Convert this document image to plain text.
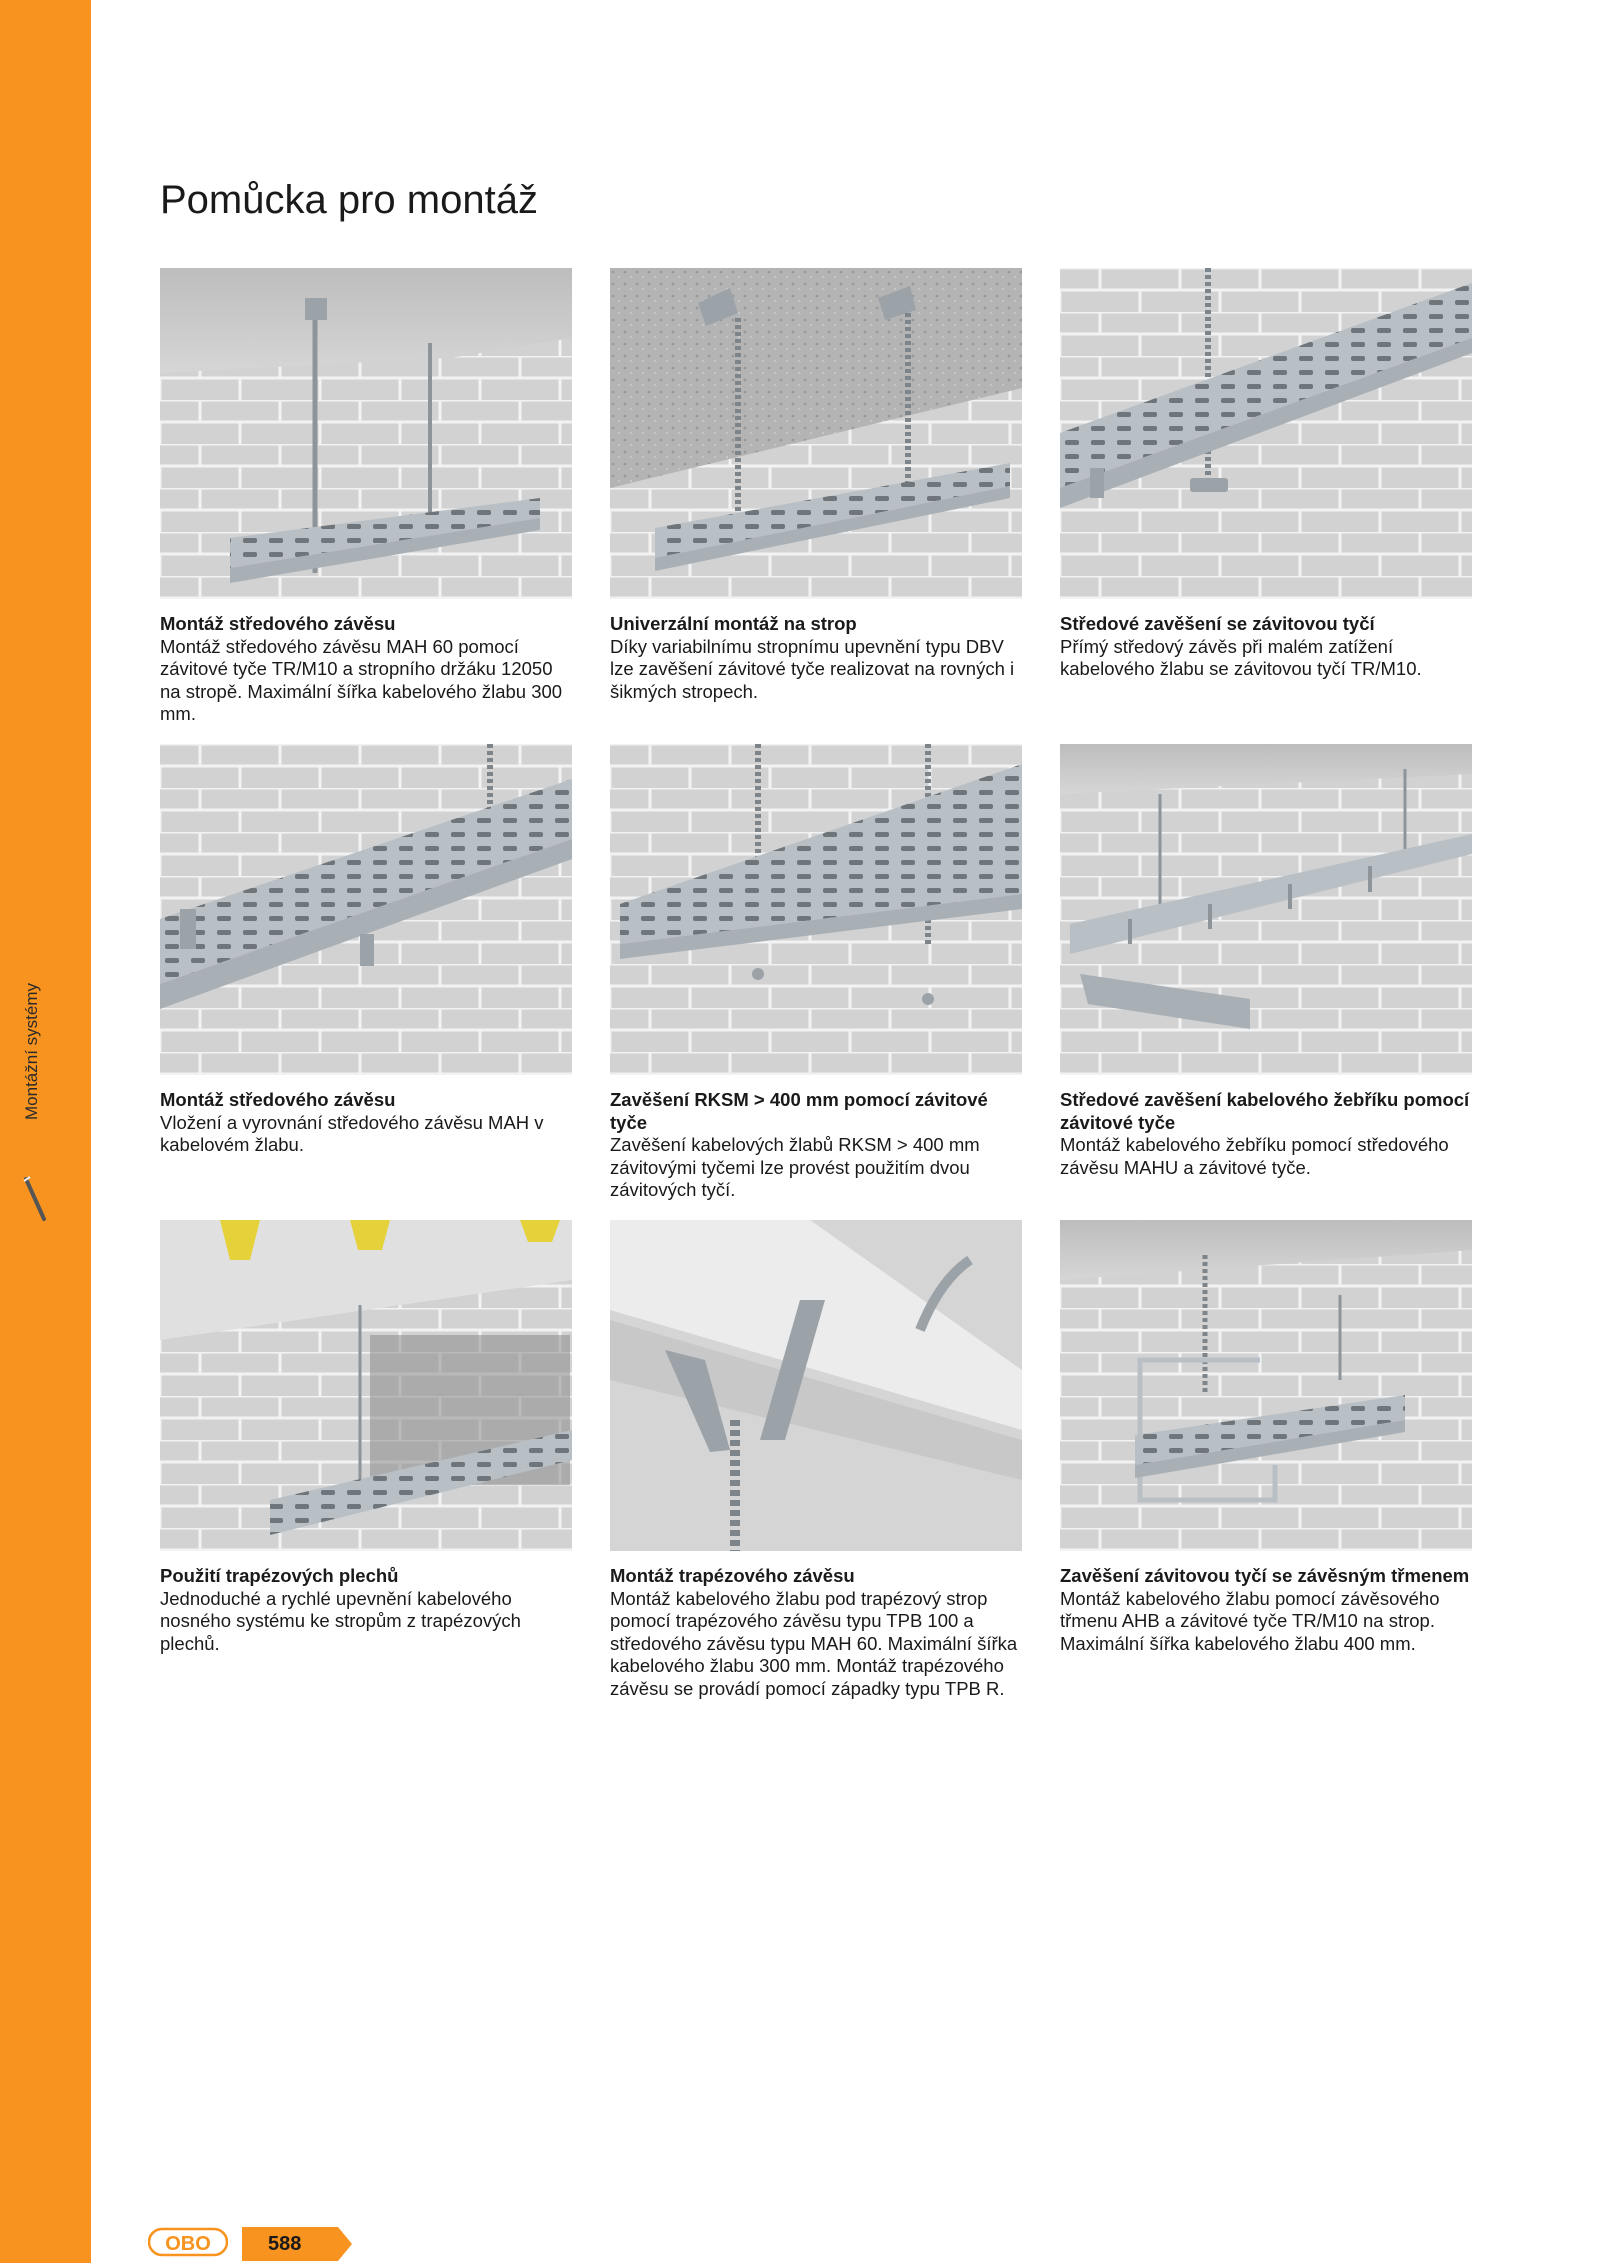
Montážní systémy
Pomůcka pro montáž

Montáž středového závěsu

Montáž středového závěsu MAH 60 pomocí závitové tyče TR/M10 a stropního držáku 12050 na stropě. Maximální šířka kabelového žlabu 300 mm.

Univerzální montáž na strop

Díky variabilnímu stropnímu upevnění typu DBV lze zavěšení závitové tyče realizovat na rovných i šikmých stropech.

Středové zavěšení se závitovou tyčí

Přímý středový závěs při malém zatížení kabelového žlabu se závitovou tyčí TR/M10.

Montáž středového závěsu

Vložení a vyrovnání středového závěsu MAH v kabelovém žlabu.

Zavěšení RKSM > 400 mm pomocí závitové tyče

Zavěšení kabelových žlabů RKSM > 400 mm závitovými tyčemi lze provést použitím dvou závitových tyčí.

Středové zavěšení kabelového žebříku pomocí závitové tyče

Montáž kabelového žebříku pomocí středového závěsu MAHU a závitové tyče.

Použití trapézových plechů

Jednoduché a rychlé upevnění kabelového nosného systému ke stropům z trapézových plechů.

Montáž trapézového závěsu

Montáž kabelového žlabu pod trapézový strop pomocí trapézového závěsu typu TPB 100 a středového závěsu typu MAH 60. Maximální šířka kabelového žlabu 300 mm. Montáž trapézového závěsu se provádí pomocí západky typu TPB R.

Zavěšení závitovou tyčí se závěsným třmenem

Montáž kabelového žlabu pomocí závěsového třmenu AHB a závitové tyče TR/M10 na strop. Maximální šířka kabelového žlabu 400 mm.

OBO	588
